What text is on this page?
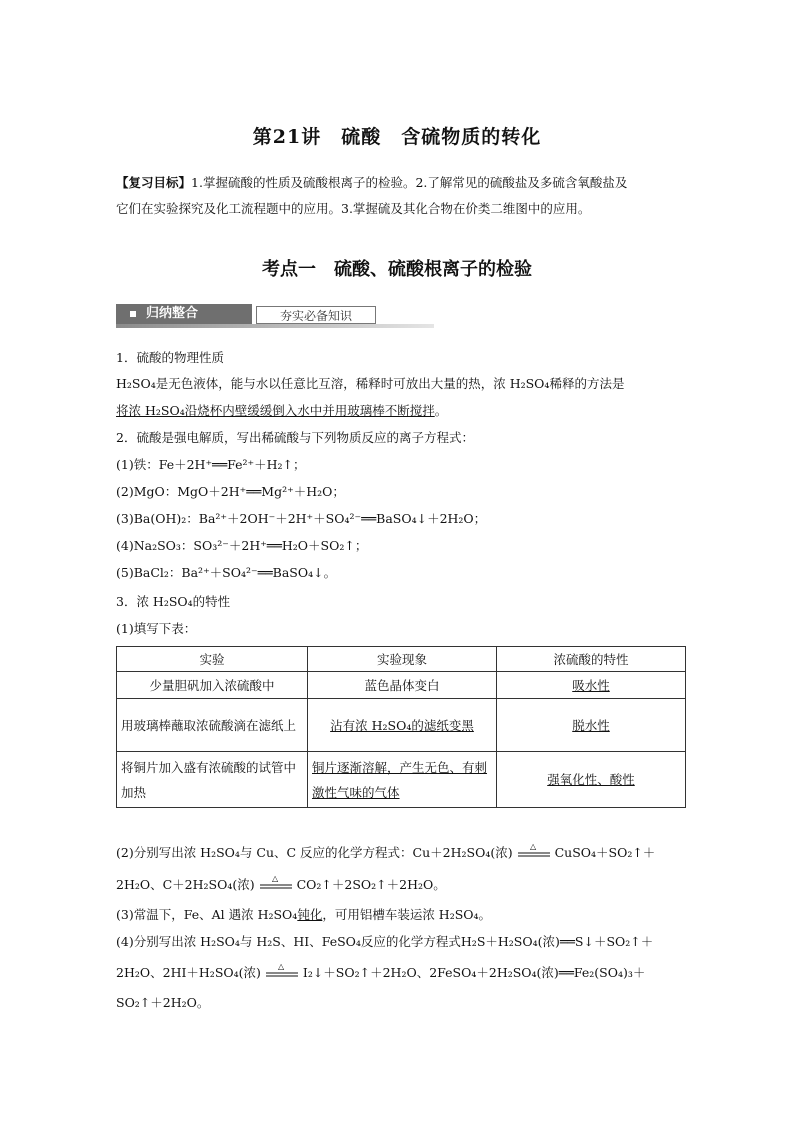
第21讲　硫酸　含硫物质的转化
【复习目标】1.掌握硫酸的性质及硫酸根离子的检验。2.了解常见的硫酸盐及多硫含氧酸盐及
它们在实验探究及化工流程题中的应用。3.掌握硫及其化合物在价类二维图中的应用。
考点一　硫酸、硫酸根离子的检验
归纳整合	夯实必备知识
1．硫酸的物理性质
H₂SO₄是无色液体，能与水以任意比互溶，稀释时可放出大量的热，浓 H₂SO₄稀释的方法是
将浓 H₂SO₄沿烧杯内壁缓缓倒入水中并用玻璃棒不断搅拌。
2．硫酸是强电解质，写出稀硫酸与下列物质反应的离子方程式：
(1)铁：Fe＋2H⁺══Fe²⁺＋H₂↑；
(2)MgO：MgO＋2H⁺══Mg²⁺＋H₂O；
(3)Ba(OH)₂：Ba²⁺＋2OH⁻＋2H⁺＋SO₄²⁻══BaSO₄↓＋2H₂O；
(4)Na₂SO₃：SO₃²⁻＋2H⁺══H₂O＋SO₂↑；
(5)BaCl₂：Ba²⁺＋SO₄²⁻══BaSO₄↓。
3．浓 H₂SO₄的特性
(1)填写下表：
实验	实验现象	浓硫酸的特性
少量胆矾加入浓硫酸中	蓝色晶体变白	吸水性
用玻璃棒蘸取浓硫酸滴在滤纸上	沾有浓 H₂SO₄的滤纸变黑	脱水性
将铜片加入盛有浓硫酸的试管中加热	铜片逐渐溶解，产生无色、有刺激性气味的气体	强氧化性、酸性
(2)分别写出浓 H₂SO₄与 Cu、C 反应的化学方程式：Cu＋2H₂SO₄(浓) △ CuSO₄＋SO₂↑＋
2H₂O、C＋2H₂SO₄(浓) △ CO₂↑＋2SO₂↑＋2H₂O。
(3)常温下，Fe、Al 遇浓 H₂SO₄钝化，可用铝槽车装运浓 H₂SO₄。
(4)分别写出浓 H₂SO₄与 H₂S、HI、FeSO₄反应的化学方程式H₂S＋H₂SO₄(浓)══S↓＋SO₂↑＋
2H₂O、2HI＋H₂SO₄(浓) △ I₂↓＋SO₂↑＋2H₂O、2FeSO₄＋2H₂SO₄(浓)══Fe₂(SO₄)₃＋
SO₂↑＋2H₂O。
